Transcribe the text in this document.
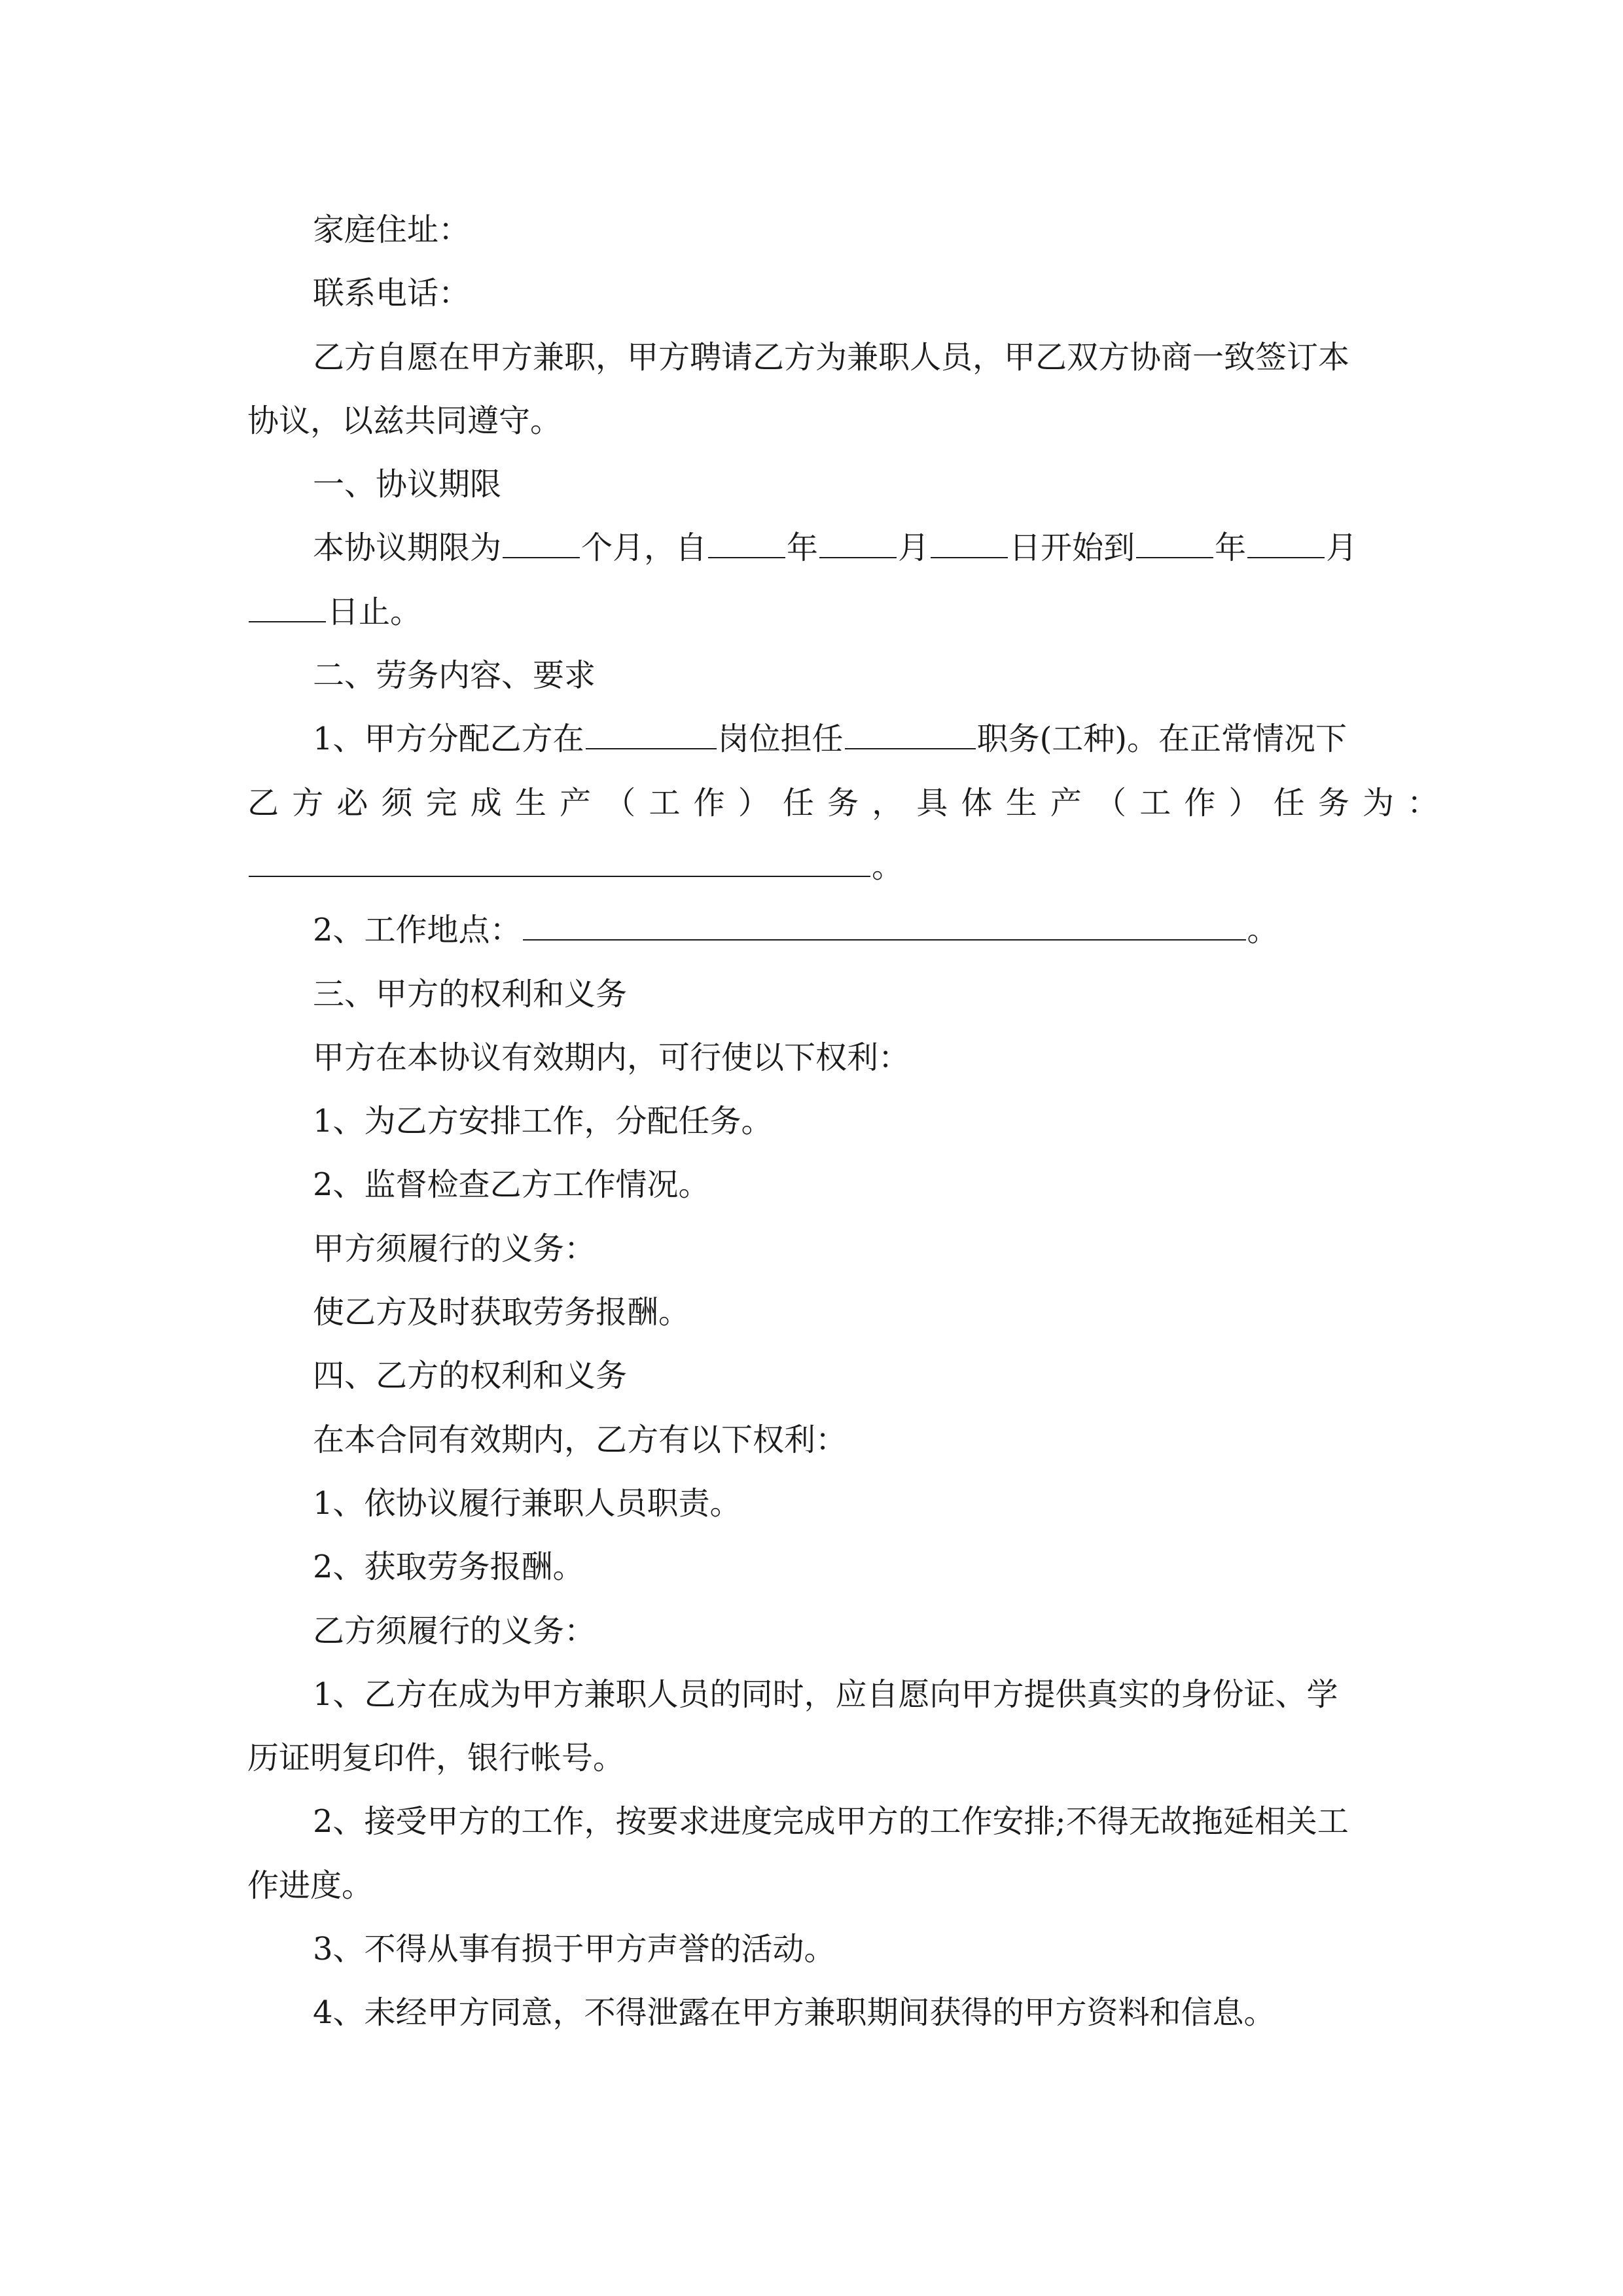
家庭住址：
联系电话：
乙方自愿在甲方兼职，甲方聘请乙方为兼职人员，甲乙双方协商一致签订本
协议，以兹共同遵守。
一、协议期限
本协议期限为	个月，自	年	月	日开始到	年	月
日止。
二、劳务内容、要求
1、甲方分配乙方在	岗位担任	职务(工种)。在正常情况下
乙方必须完成生产（工作）任务，具体生产（工作）任务为：
。
2、工作地点：	。
三、甲方的权利和义务
甲方在本协议有效期内，可行使以下权利：
1、为乙方安排工作，分配任务。
2、监督检查乙方工作情况。
甲方须履行的义务：
使乙方及时获取劳务报酬。
四、乙方的权利和义务
在本合同有效期内，乙方有以下权利：
1、依协议履行兼职人员职责。
2、获取劳务报酬。
乙方须履行的义务：
1、乙方在成为甲方兼职人员的同时，应自愿向甲方提供真实的身份证、学
历证明复印件，银行帐号。
2、接受甲方的工作，按要求进度完成甲方的工作安排;不得无故拖延相关工
作进度。
3、不得从事有损于甲方声誉的活动。
4、未经甲方同意，不得泄露在甲方兼职期间获得的甲方资料和信息。
